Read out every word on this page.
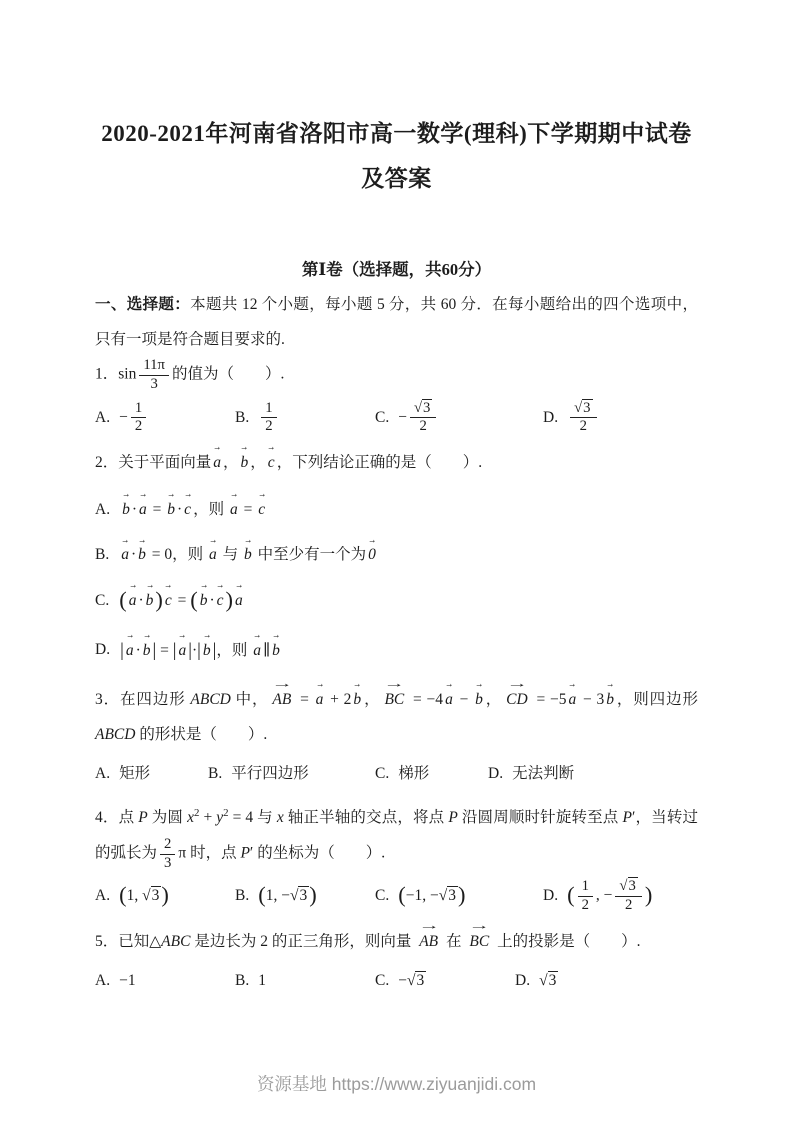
2020-2021年河南省洛阳市高一数学(理科)下学期期中试卷及答案
第Ⅰ卷（选择题，共60分）

一、选择题：本题共 12 个小题，每小题 5 分，共 60 分．在每小题给出的四个选项中，只有一项是符合题目要求的.

1．$\sin \frac{11\pi}{3}$ 的值为（　　）.
A. − $\frac{1}{2}$	B. $\frac{1}{2}$	C. − $\frac{√3}{2}$	D. $\frac{√3}{2}$
2．关于平面向量 a → ， b → ， c → ，下列结论正确的是（　　）.
A. b → · a → = b → · c → ，则 a → = c →
B. a → · b → = 0，则 a → 与 b → 中至少有一个为 0 →
C. ( a → · b →) c → = ( b → · c →) a →
D. | a → · b → | = | a → |·| b → |，则 a → ∥ b →
3．在四边形 ABCD 中， AB → = a → + 2 b → ， BC → = −4 a → − b → ， CD → = −5 a → − 3 b → ，则四边形 ABCD 的形状是（　　）.
A. 矩形	B. 平行四边形	C. 梯形	D. 无法判断
4．点 P 为圆 $x^2 + y^2 = 4$ 与 x 轴正半轴的交点，将点 P 沿圆周顺时针旋转至点 P′，当转过的弧长为 $\frac{2}{3}$ π 时，点 P′ 的坐标为（　　）.
A. (1, √3)	B. (1, −√3)	C. (−1, −√3)	D. ( $\frac{1}{2}$ , − $\frac{√3}{2}$ )
5．已知△ABC 是边长为 2 的正三角形，则向量 AB → 在 BC → 上的投影是（　　）.
A. −1	B. 1	C. −√3	D. √3
资源基地 https://www.ziyuanjidi.com
